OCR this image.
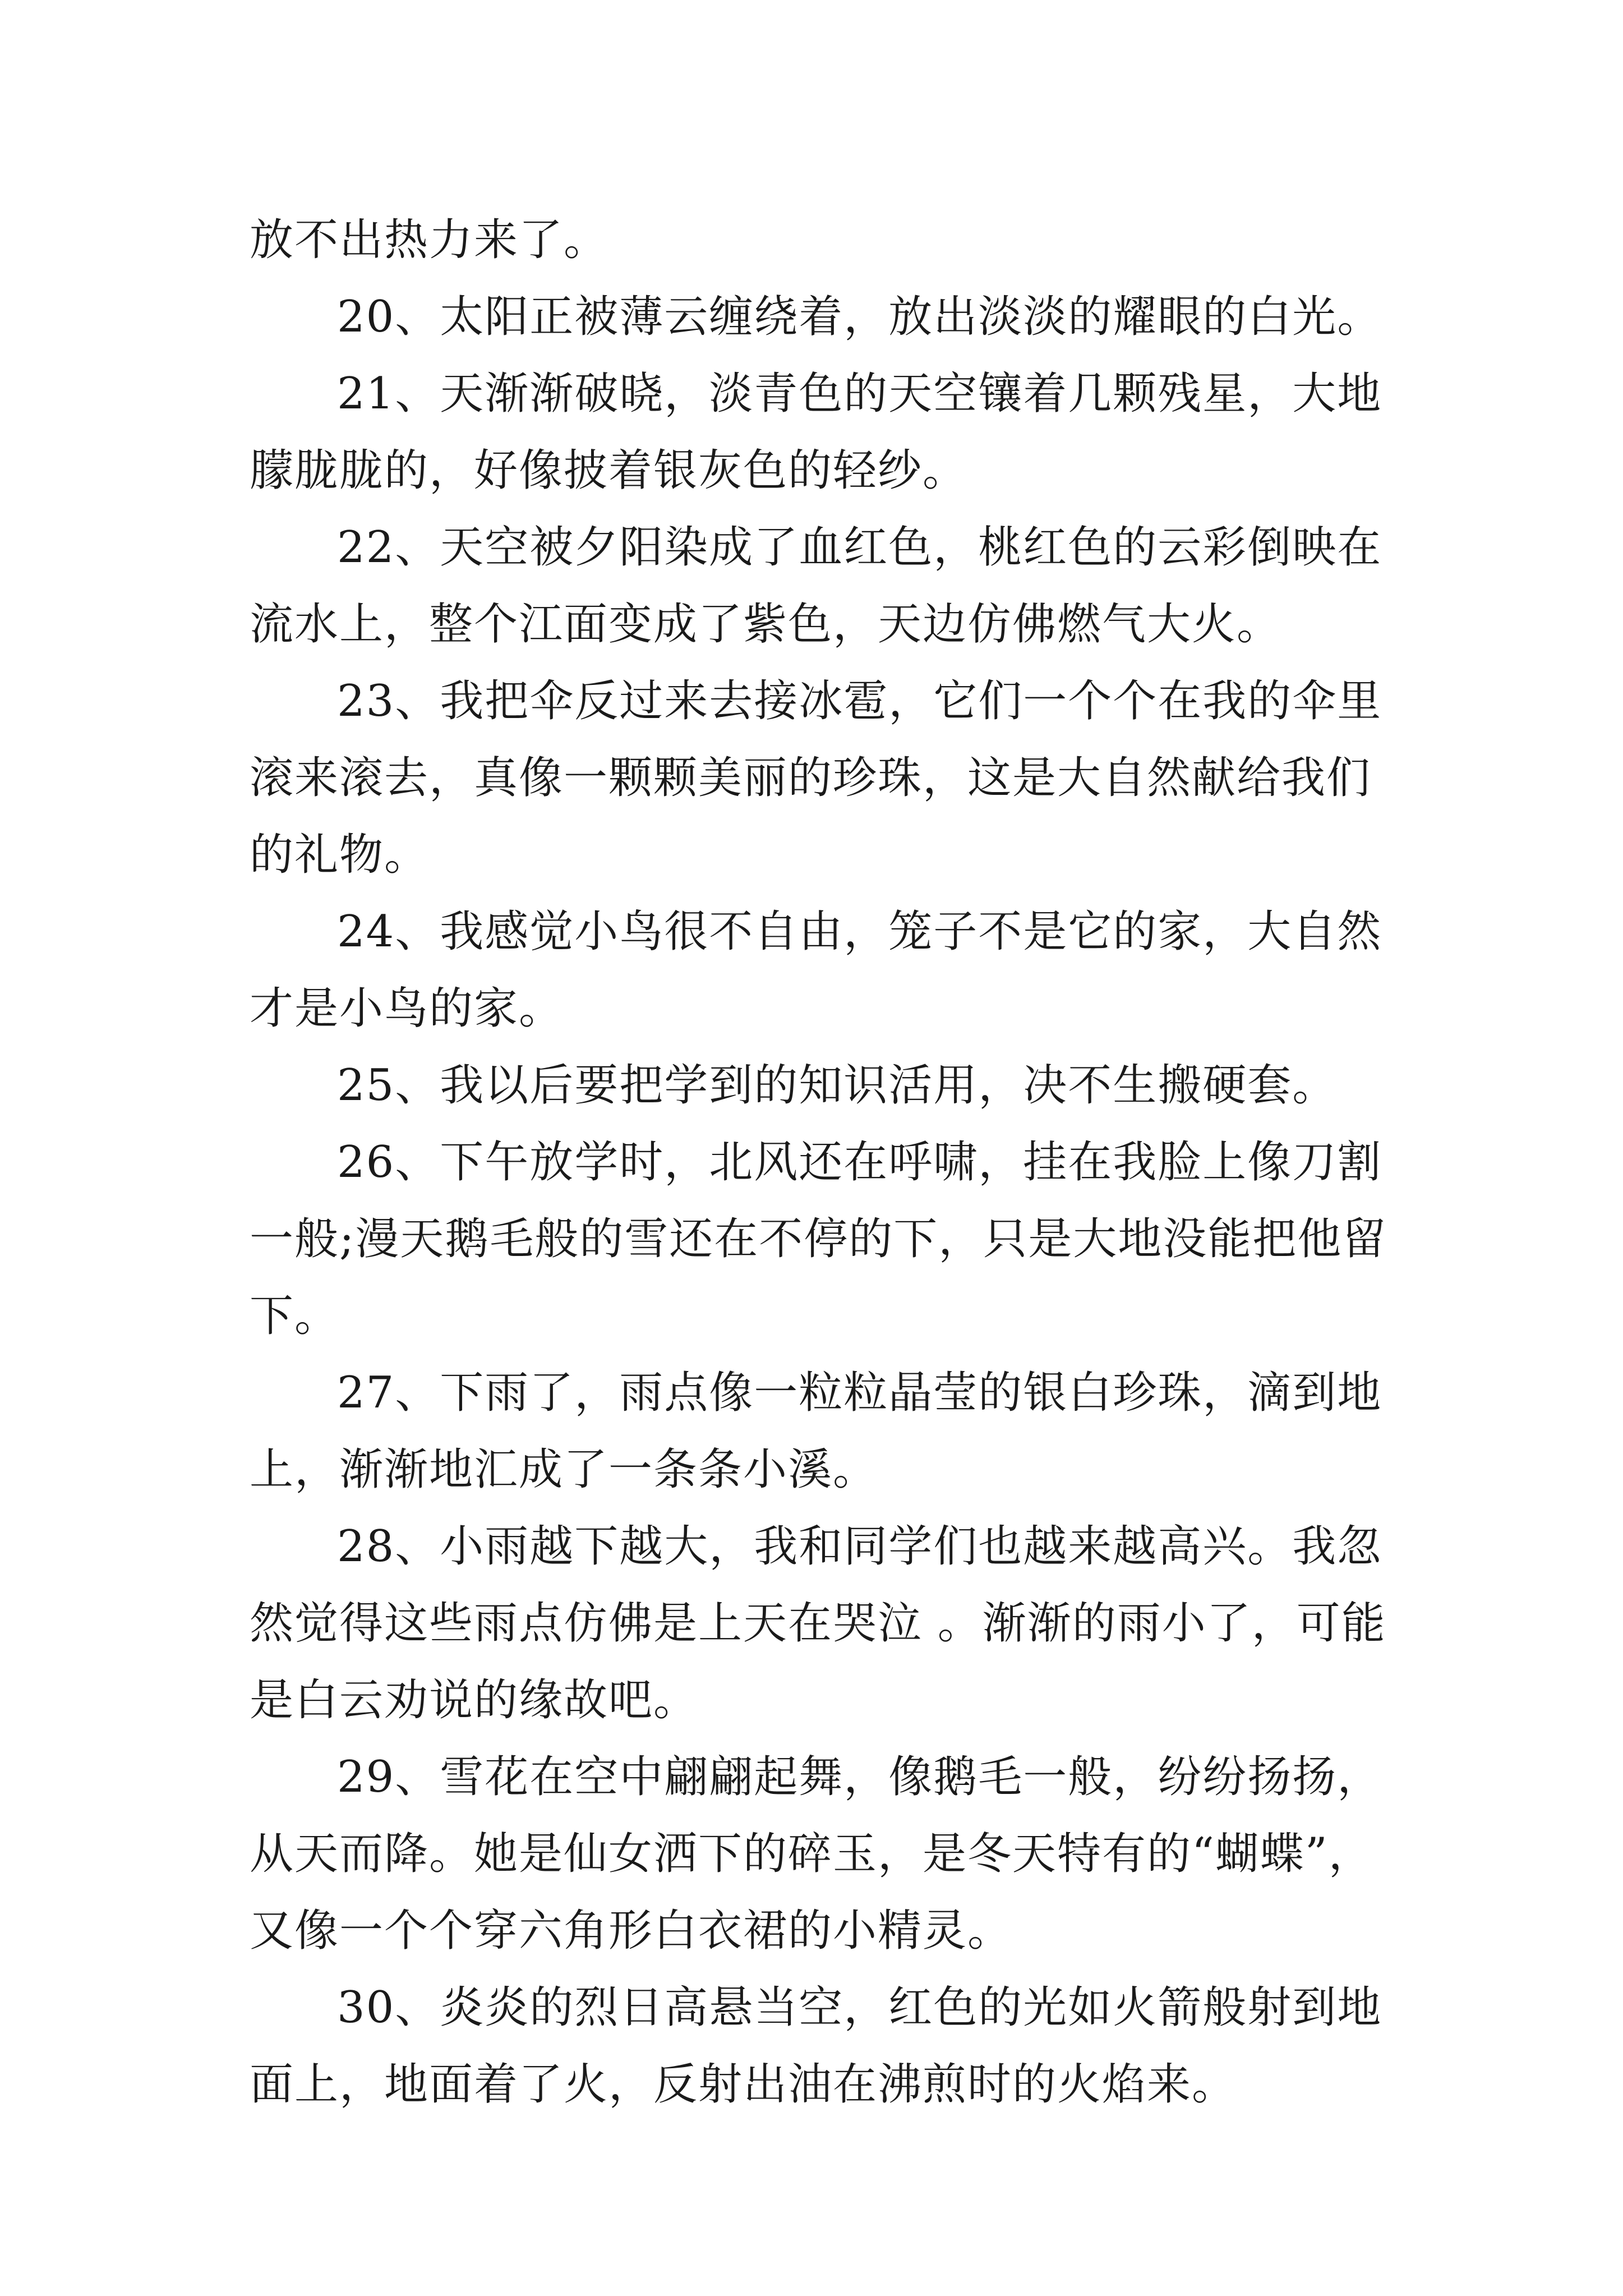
放不出热力来了。

20、太阳正被薄云缠绕着，放出淡淡的耀眼的白光。

21、天渐渐破晓，淡青色的天空镶着几颗残星，大地朦胧胧的，好像披着银灰色的轻纱。

22、天空被夕阳染成了血红色，桃红色的云彩倒映在流水上，整个江面变成了紫色，天边仿佛燃气大火。

23、我把伞反过来去接冰雹，它们一个个在我的伞里滚来滚去，真像一颗颗美丽的珍珠，这是大自然献给我们的礼物。

24、我感觉小鸟很不自由，笼子不是它的家，大自然才是小鸟的家。

25、我以后要把学到的知识活用，决不生搬硬套。

26、下午放学时，北风还在呼啸，挂在我脸上像刀割一般;漫天鹅毛般的雪还在不停的下，只是大地没能把他留下。

27、下雨了，雨点像一粒粒晶莹的银白珍珠，滴到地上，渐渐地汇成了一条条小溪。

28、小雨越下越大，我和同学们也越来越高兴。我忽然觉得这些雨点仿佛是上天在哭泣 。渐渐的雨小了，可能是白云劝说的缘故吧。

29、雪花在空中翩翩起舞，像鹅毛一般，纷纷扬扬，从天而降。她是仙女洒下的碎玉，是冬天特有的“蝴蝶”，又像一个个穿六角形白衣裙的小精灵。

30、炎炎的烈日高悬当空，红色的光如火箭般射到地面上，地面着了火，反射出油在沸煎时的火焰来。
